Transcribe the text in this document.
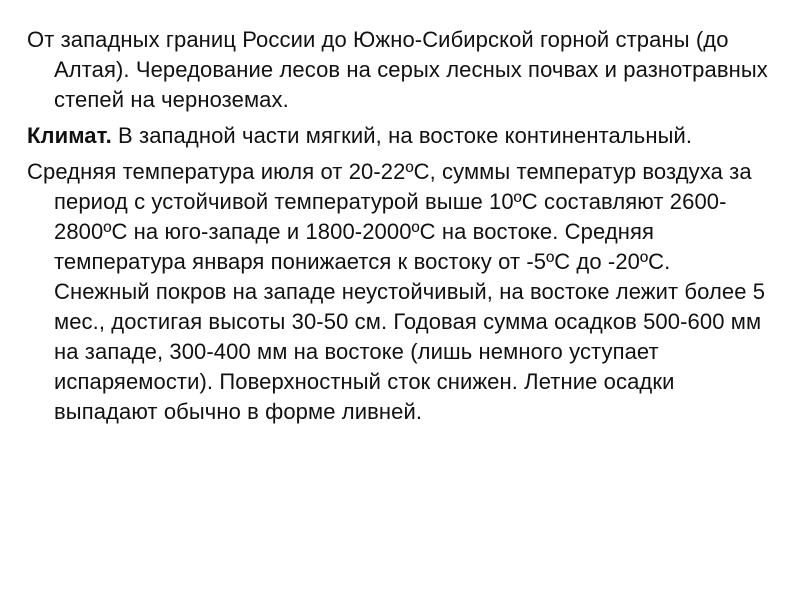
От западных границ России до Южно-Сибирской горной страны (до Алтая). Чередование лесов на серых лесных почвах и разнотравных степей на черноземах.

Климат. В западной части мягкий, на востоке континентальный.

Средняя температура июля от 20-22ºС, суммы температур воздуха за период с устойчивой температурой выше 10ºС составляют 2600-2800ºС на юго-западе и 1800-2000ºС на востоке. Средняя температура января понижается к востоку от -5ºС до -20ºС. Снежный покров на западе неустойчивый, на востоке лежит более 5 мес., достигая высоты 30-50 см. Годовая сумма осадков 500-600 мм на западе, 300-400 мм на востоке (лишь немного уступает испаряемости). Поверхностный сток снижен. Летние осадки выпадают обычно в форме ливней.
